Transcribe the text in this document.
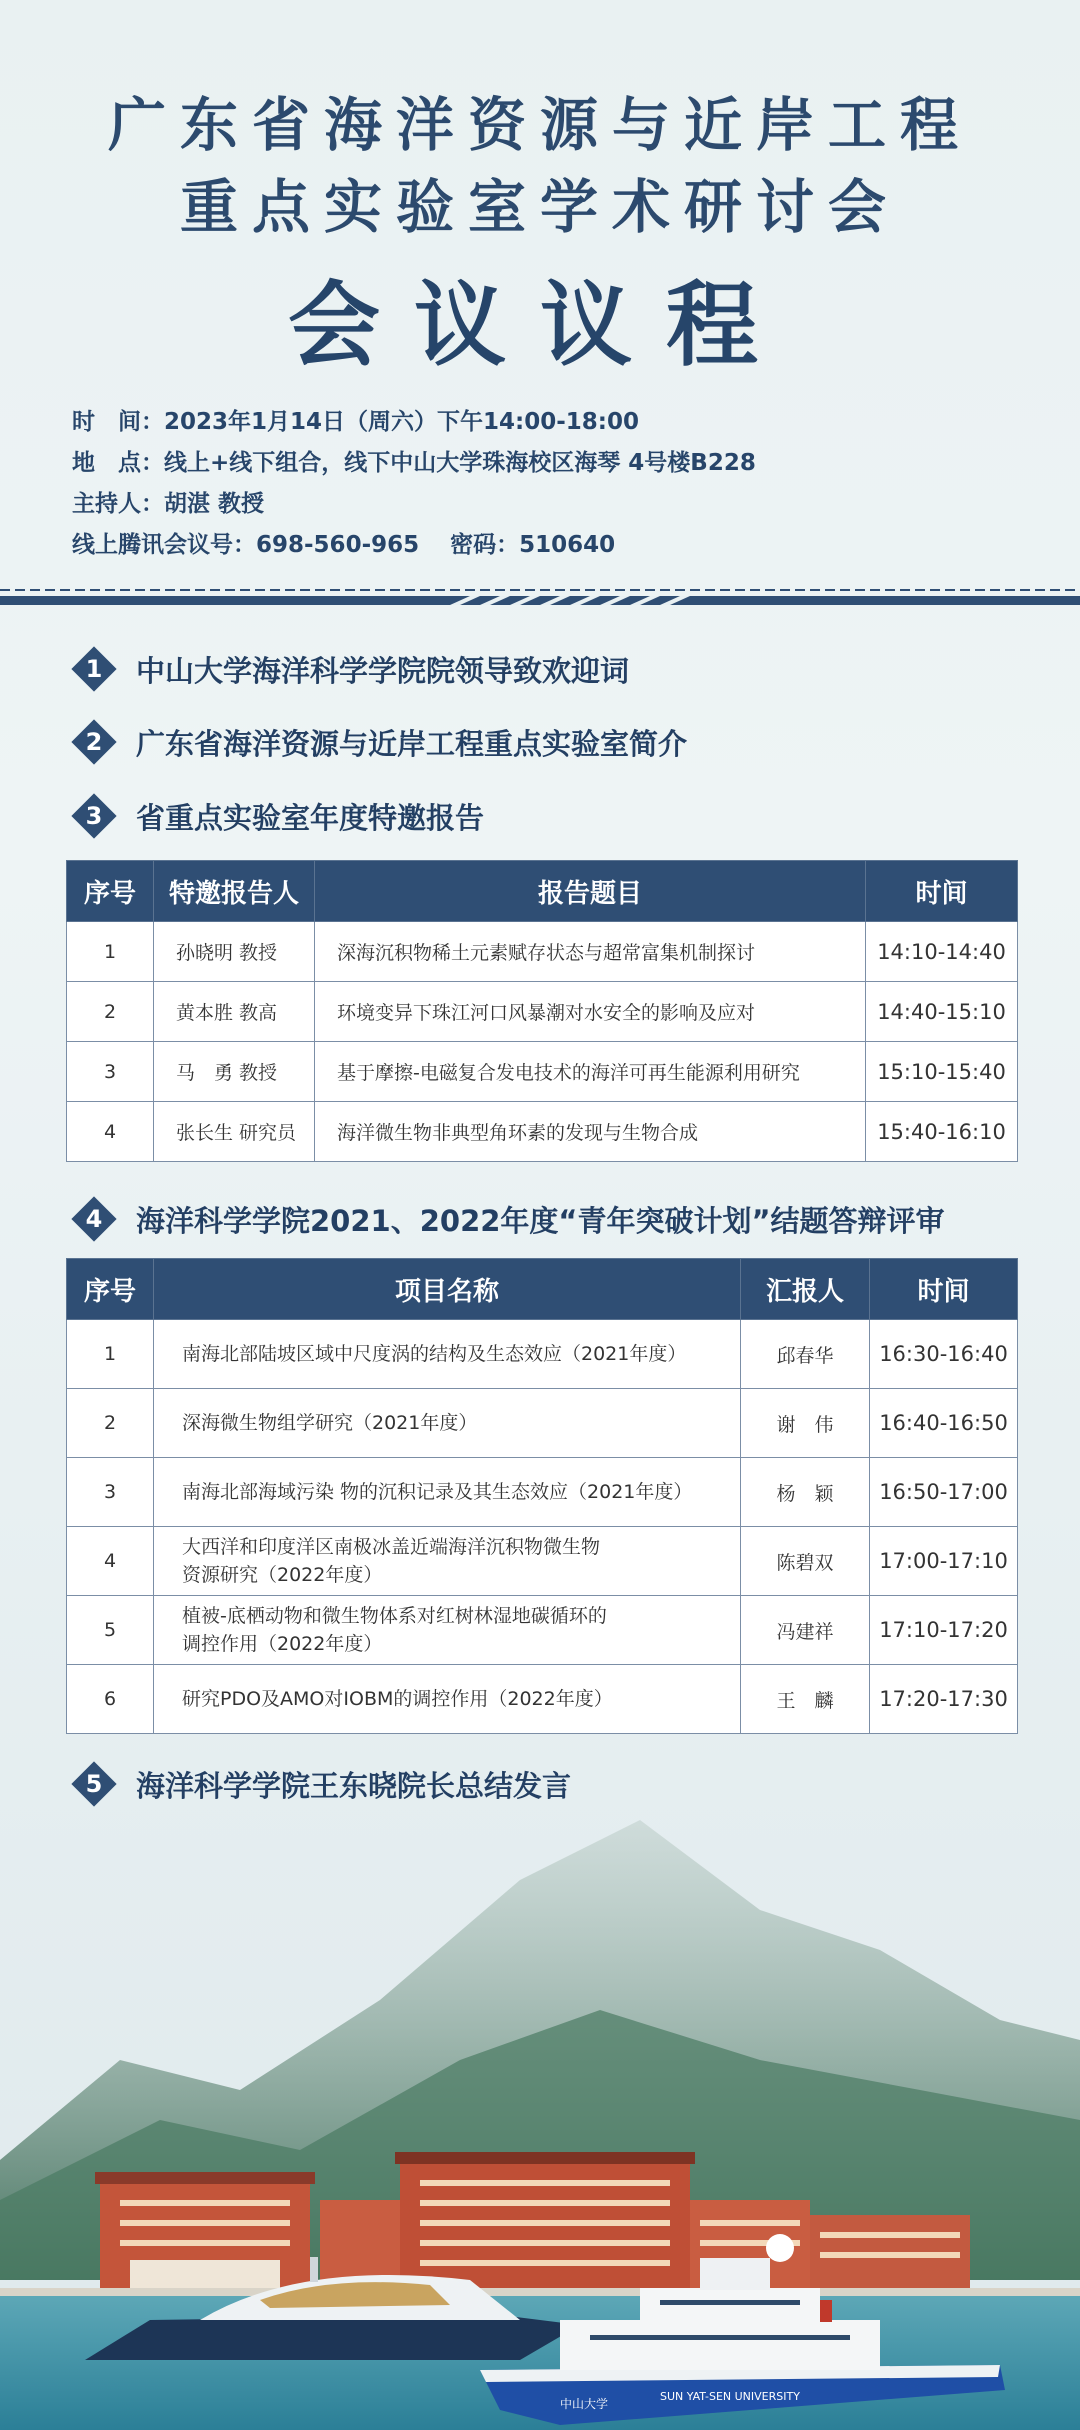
广东省海洋资源与近岸工程
重点实验室学术研讨会
会议议程
时　间：2023年1月14日（周六）下午14:00-18:00
地　点：线上+线下组合，线下中山大学珠海校区海琴 4号楼B228
主持人：胡湛 教授
线上腾讯会议号：698-560-965　 密码：510640
1	中山大学海洋科学学院院领导致欢迎词
2	广东省海洋资源与近岸工程重点实验室简介
3	省重点实验室年度特邀报告
序号	特邀报告人	报告题目	时间
1	孙晓明 教授	深海沉积物稀土元素赋存状态与超常富集机制探讨	14:10-14:40
2	黄本胜 教高	环境变异下珠江河口风暴潮对水安全的影响及应对	14:40-15:10
3	马　勇 教授	基于摩擦-电磁复合发电技术的海洋可再生能源利用研究	15:10-15:40
4	张长生 研究员	海洋微生物非典型角环素的发现与生物合成	15:40-16:10
4	海洋科学学院2021、2022年度“青年突破计划”结题答辩评审
序号	项目名称	汇报人	时间
1	南海北部陆坡区域中尺度涡的结构及生态效应（2021年度）	邱春华	16:30-16:40
2	深海微生物组学研究（2021年度）	谢　伟	16:40-16:50
3	南海北部海域污染 物的沉积记录及其生态效应（2021年度）	杨　颖	16:50-17:00
4	大西洋和印度洋区南极冰盖近端海洋沉积物微生物
资源研究（2022年度）	陈碧双	17:00-17:10
5	植被-底栖动物和微生物体系对红树林湿地碳循环的
调控作用（2022年度）	冯建祥	17:10-17:20
6	研究PDO及AMO对IOBM的调控作用（2022年度）	王　麟	17:20-17:30
5	海洋科学学院王东晓院长总结发言
SUN YAT-SEN UNIVERSITY
中山大学
